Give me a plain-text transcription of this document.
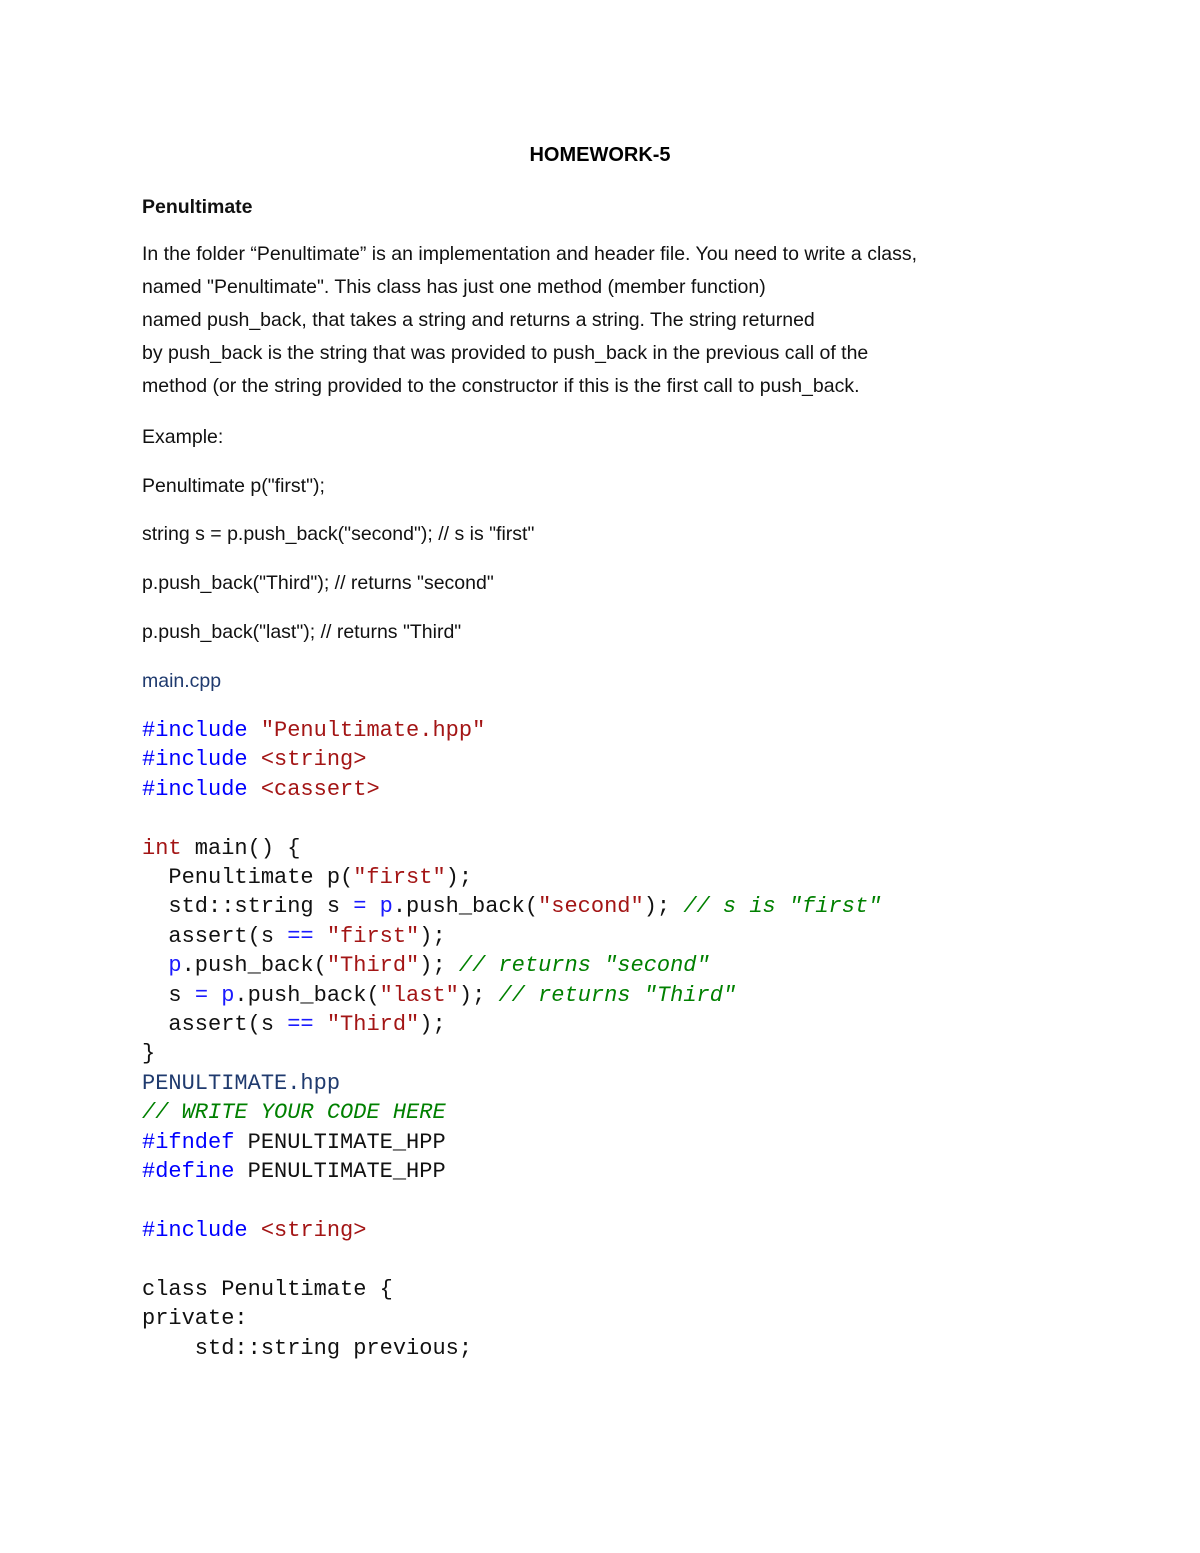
HOMEWORK-5
Penultimate
In the folder “Penultimate” is an implementation and header file. You need to write a class,
named "Penultimate". This class has just one method (member function)
named push_back, that takes a string and returns a string. The string returned
by push_back is the string that was provided to push_back in the previous call of the
method (or the string provided to the constructor if this is the first call to push_back.
Example:
Penultimate p("first");
string s = p.push_back("second"); // s is "first"
p.push_back("Third"); // returns "second"
p.push_back("last"); // returns "Third"
main.cpp
#include "Penultimate.hpp"
#include <string>
#include <cassert>

int main() {
Penultimate p("first");
std::string s = p.push_back("second"); // s is "first"
assert(s == "first");
p.push_back("Third"); // returns "second"
s = p.push_back("last"); // returns "Third"
assert(s == "Third");
}
PENULTIMATE.hpp
// WRITE YOUR CODE HERE
#ifndef PENULTIMATE_HPP
#define PENULTIMATE_HPP

#include <string>

class Penultimate {
private:
std::string previous;
